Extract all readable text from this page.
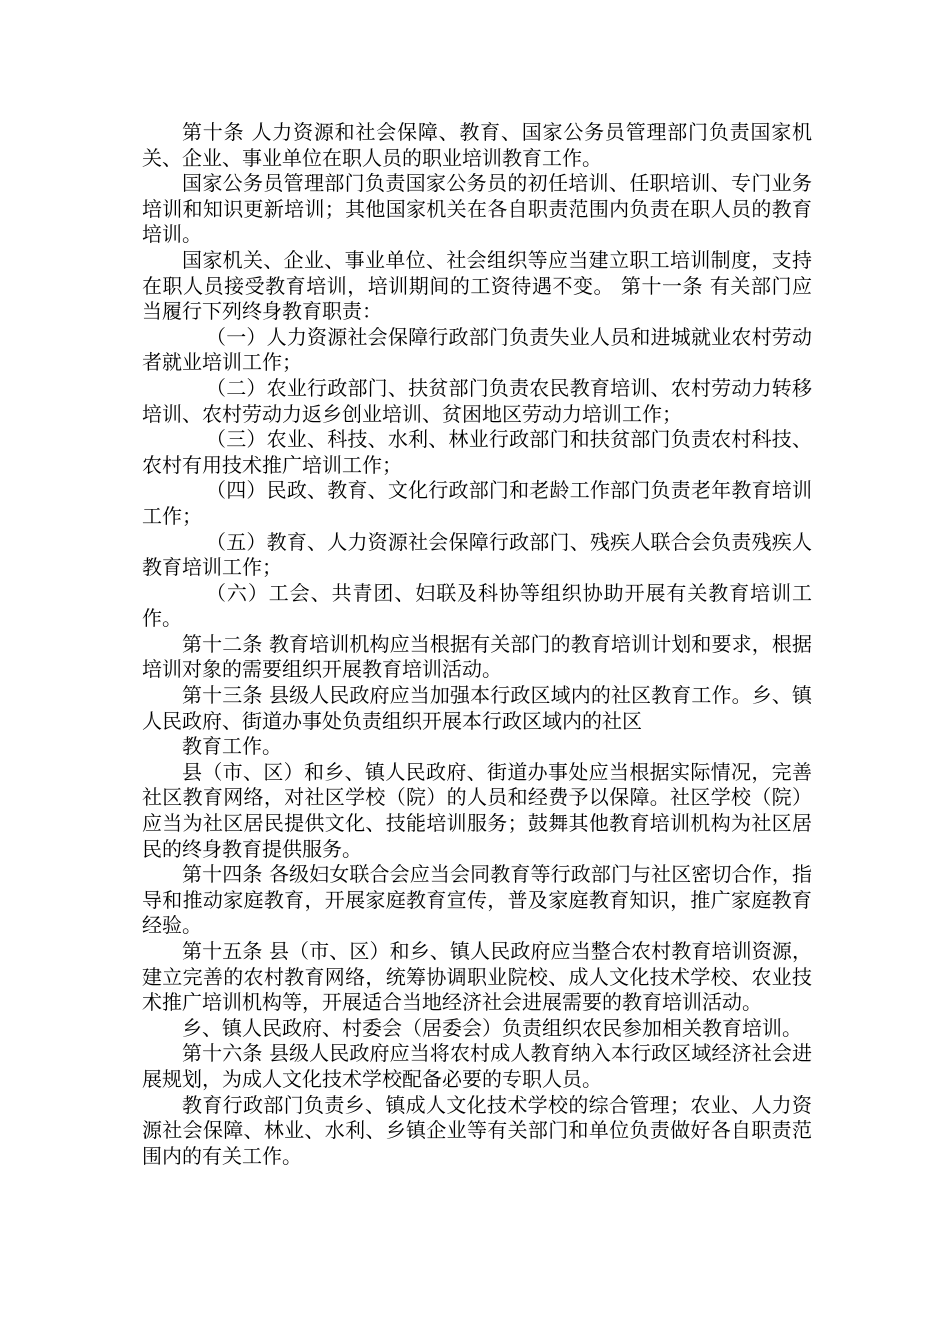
第十条 人力资源和社会保障、教育、国家公务员管理部门负责国家机关、企业、事业单位在职人员的职业培训教育工作。

国家公务员管理部门负责国家公务员的初任培训、任职培训、专门业务培训和知识更新培训；其他国家机关在各自职责范围内负责在职人员的教育培训。

国家机关、企业、事业单位、社会组织等应当建立职工培训制度，支持在职人员接受教育培训，培训期间的工资待遇不变。 第十一条 有关部门应当履行下列终身教育职责：

（一）人力资源社会保障行政部门负责失业人员和进城就业农村劳动者就业培训工作；

（二）农业行政部门、扶贫部门负责农民教育培训、农村劳动力转移培训、农村劳动力返乡创业培训、贫困地区劳动力培训工作；

（三）农业、科技、水利、林业行政部门和扶贫部门负责农村科技、农村有用技术推广培训工作；

（四）民政、教育、文化行政部门和老龄工作部门负责老年教育培训工作；

（五）教育、人力资源社会保障行政部门、残疾人联合会负责残疾人教育培训工作；

（六）工会、共青团、妇联及科协等组织协助开展有关教育培训工作。

第十二条 教育培训机构应当根据有关部门的教育培训计划和要求，根据培训对象的需要组织开展教育培训活动。

第十三条 县级人民政府应当加强本行政区域内的社区教育工作。乡、镇人民政府、街道办事处负责组织开展本行政区域内的社区

教育工作。

县（市、区）和乡、镇人民政府、街道办事处应当根据实际情况，完善社区教育网络，对社区学校（院）的人员和经费予以保障。社区学校（院）应当为社区居民提供文化、技能培训服务；鼓舞其他教育培训机构为社区居民的终身教育提供服务。

第十四条 各级妇女联合会应当会同教育等行政部门与社区密切合作，指导和推动家庭教育，开展家庭教育宣传，普及家庭教育知识，推广家庭教育经验。

第十五条 县（市、区）和乡、镇人民政府应当整合农村教育培训资源，建立完善的农村教育网络，统筹协调职业院校、成人文化技术学校、农业技术推广培训机构等，开展适合当地经济社会进展需要的教育培训活动。

乡、镇人民政府、村委会（居委会）负责组织农民参加相关教育培训。

第十六条 县级人民政府应当将农村成人教育纳入本行政区域经济社会进展规划，为成人文化技术学校配备必要的专职人员。

教育行政部门负责乡、镇成人文化技术学校的综合管理；农业、人力资源社会保障、林业、水利、乡镇企业等有关部门和单位负责做好各自职责范围内的有关工作。
